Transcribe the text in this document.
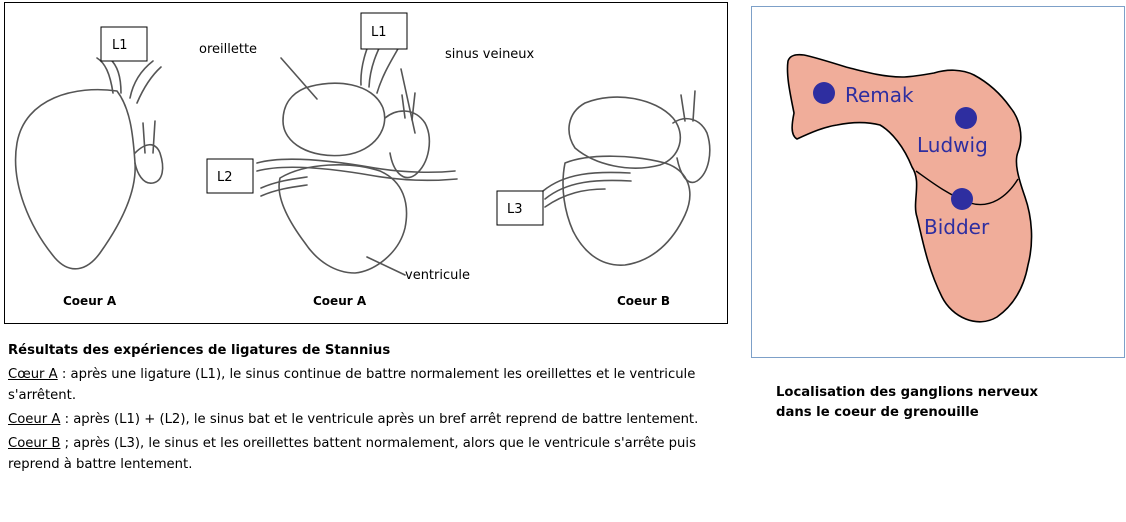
L1
L1
L2
L3
oreillette	sinus veineux
ventricule
Coeur A	Coeur A	Coeur B
Remak
Ludwig
Bidder
Localisation des ganglions nerveux
dans le coeur de grenouille

Résultats des expériences de ligatures de Stannius

Cœur A : après une ligature (L1), le sinus continue de battre normalement les oreillettes et le ventricule s'arrêtent.

Coeur A : après (L1) + (L2), le sinus bat et le ventricule après un bref arrêt reprend de battre lentement.

Coeur B ; après (L3), le sinus et les oreillettes battent normalement, alors que le ventricule s'arrête puis reprend à battre lentement.
